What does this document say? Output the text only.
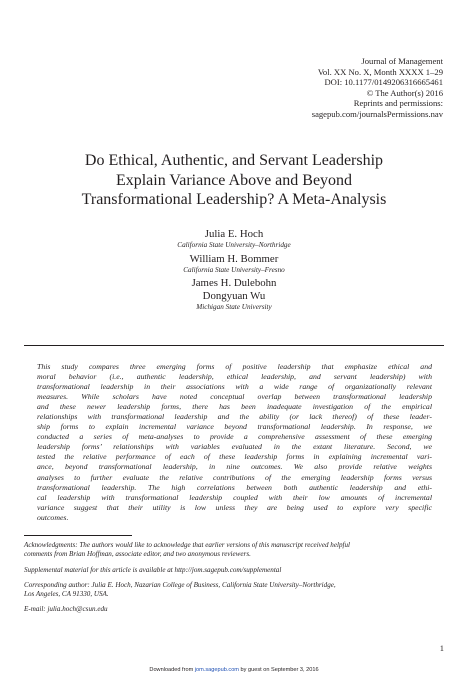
Journal of Management
Vol. XX No. X, Month XXXX 1–29
DOI: 10.1177/0149206316665461
© The Author(s) 2016
Reprints and permissions:
sagepub.com/journalsPermissions.nav
Do Ethical, Authentic, and Servant Leadership
Explain Variance Above and Beyond
Transformational Leadership? A Meta-Analysis
Julia E. Hoch
California State University–Northridge
William H. Bommer
California State University–Fresno
James H. Dulebohn
Dongyuan Wu
Michigan State University
This study compares three emerging forms of positive leadership that emphasize ethical and
moral behavior (i.e., authentic leadership, ethical leadership, and servant leadership) with
transformational leadership in their associations with a wide range of organizationally relevant
measures. While scholars have noted conceptual overlap between transformational leadership
and these newer leadership forms, there has been inadequate investigation of the empirical
relationships with transformational leadership and the ability (or lack thereof) of these leader-
ship forms to explain incremental variance beyond transformational leadership. In response, we
conducted a series of meta-analyses to provide a comprehensive assessment of these emerging
leadership forms’ relationships with variables evaluated in the extant literature. Second, we
tested the relative performance of each of these leadership forms in explaining incremental vari-
ance, beyond transformational leadership, in nine outcomes. We also provide relative weights
analyses to further evaluate the relative contributions of the emerging leadership forms versus
transformational leadership. The high correlations between both authentic leadership and ethi-
cal leadership with transformational leadership coupled with their low amounts of incremental
variance suggest that their utility is low unless they are being used to explore very specific
outcomes.

Acknowledgments: The authors would like to acknowledge that earlier versions of this manuscript received helpful
comments from Brian Hoffman, associate editor, and two anonymous reviewers.

Supplemental material for this article is available at http://jom.sagepub.com/supplemental

Corresponding author: Julia E. Hoch, Nazarian College of Business, California State University–Northridge,
Los Angeles, CA 91330, USA.

E-mail: julia.hoch@csun.edu

1
Downloaded from jom.sagepub.com by guest on September 3, 2016
